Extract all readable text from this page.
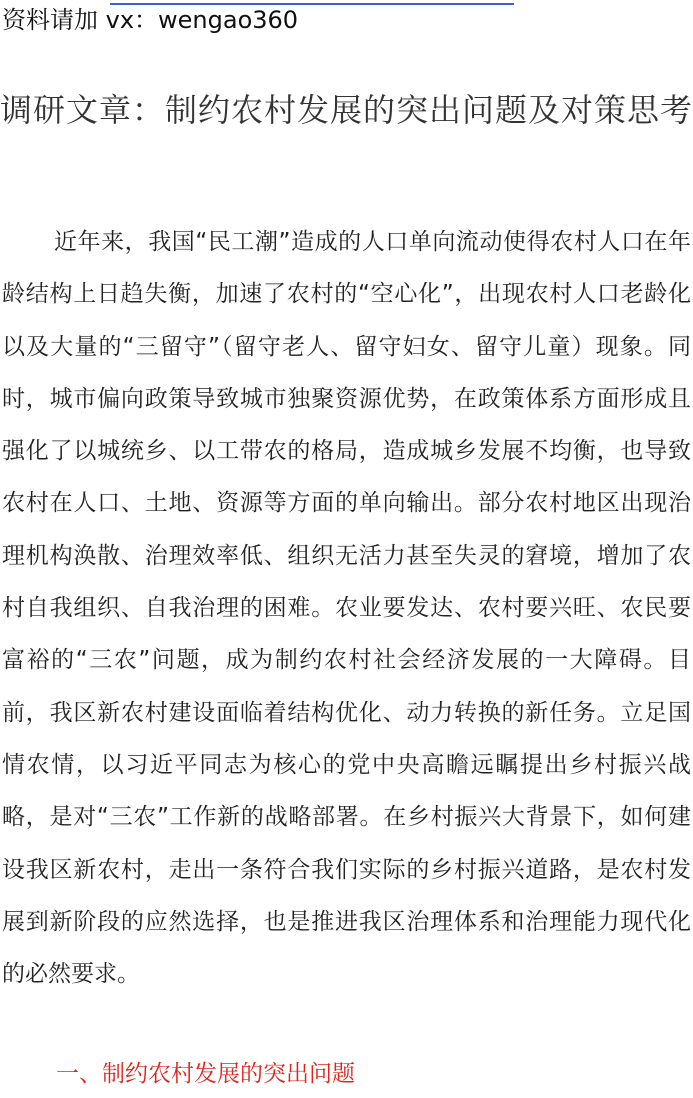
资料请加 vx：wengao360
调研文章：制约农村发展的突出问题及对策思考

近年来，我国“民工潮”造成的人口单向流动使得农村人口在年龄结构上日趋失衡，加速了农村的“空心化”，出现农村人口老龄化以及大量的“三留守”（留守老人、留守妇女、留守儿童）现象。同时，城市偏向政策导致城市独聚资源优势，在政策体系方面形成且强化了以城统乡、以工带农的格局，造成城乡发展不均衡，也导致农村在人口、土地、资源等方面的单向输出。部分农村地区出现治理机构涣散、治理效率低、组织无活力甚至失灵的窘境，增加了农村自我组织、自我治理的困难。农业要发达、农村要兴旺、农民要富裕的“三农”问题，成为制约农村社会经济发展的一大障碍。目前，我区新农村建设面临着结构优化、动力转换的新任务。立足国情农情，以习近平同志为核心的党中央高瞻远瞩提出乡村振兴战略，是对“三农”工作新的战略部署。在乡村振兴大背景下，如何建设我区新农村，走出一条符合我们实际的乡村振兴道路，是农村发展到新阶段的应然选择，也是推进我区治理体系和治理能力现代化的必然要求。

一、制约农村发展的突出问题
